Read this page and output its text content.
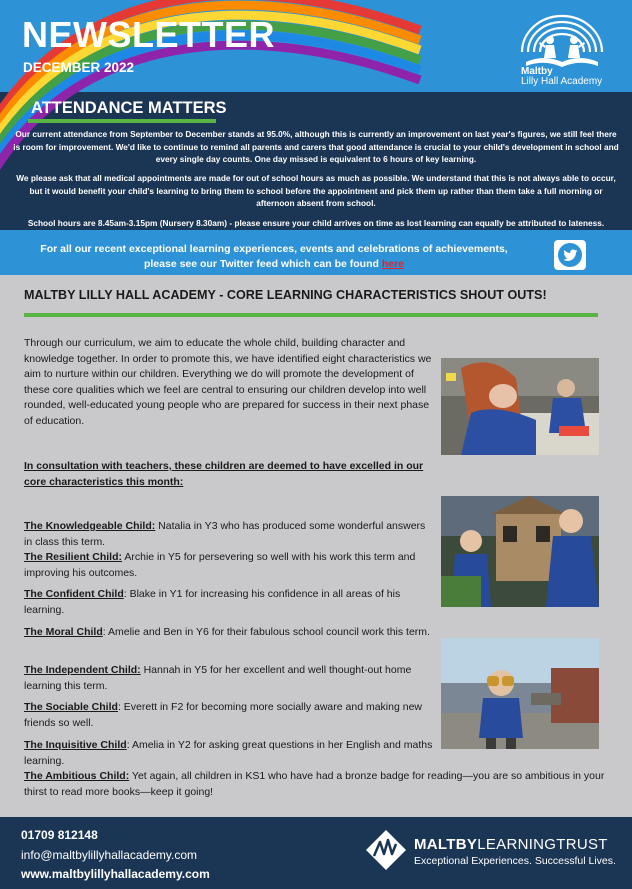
NEWSLETTER
DECEMBER 2022	Maltby
Lilly Hall Academy
ATTENDANCE MATTERS
Our current attendance from September to December stands at 95.0%, although this is currently an improvement on last year's figures, we still feel there is room for improvement. We'd like to continue to remind all parents and carers that good attendance is crucial to your child's development in school and every single day counts. One day missed is equivalent to 6 hours of key learning.
We please ask that all medical appointments are made for out of school hours as much as possible. We understand that this is not always able to occur, but it would benefit your child's learning to bring them to school before the appointment and pick them up rather than them take a full morning or afternoon absent from school.
School hours are 8.45am-3.15pm (Nursery 8.30am) - please ensure your child arrives on time as lost learning can equally be attributed to lateness.
For all our recent exceptional learning experiences, events and celebrations of achievements,
please see our Twitter feed which can be found here
MALTBY LILLY HALL ACADEMY - CORE LEARNING CHARACTERISTICS SHOUT OUTS!
Through our curriculum, we aim to educate the whole child, building character and knowledge together. In order to promote this, we have identified eight characteristics we aim to nurture within our children. Everything we do will promote the development of these core qualities which we feel are central to ensuring our children develop into well rounded, well-educated young people who are prepared for success in their next phase of education.
In consultation with teachers, these children are deemed to have excelled in our core characteristics this month:
The Knowledgeable Child: Natalia in Y3 who has produced some wonderful answers in class this term.
The Resilient Child: Archie in Y5 for persevering so well with his work this term and improving his outcomes.
The Confident Child: Blake in Y1 for increasing his confidence in all areas of his learning.
The Moral Child: Amelie and Ben in Y6 for their fabulous school council work this term.
The Independent Child: Hannah in Y5 for her excellent and well thought-out home learning this term.
The Sociable Child: Everett in F2 for becoming more socially aware and making new friends so well.
The Inquisitive Child: Amelia in Y2 for asking great questions in her English and maths learning.
The Ambitious Child: Yet again, all children in KS1 who have had a bronze badge for reading—you are so ambitious in your thirst to read more books—keep it going!
01709 812148
info@maltbylillyhallacademy.com
www.maltbylillyhallacademy.com
MALTBYLEARNINGTRUST
Exceptional Experiences. Successful Lives.
